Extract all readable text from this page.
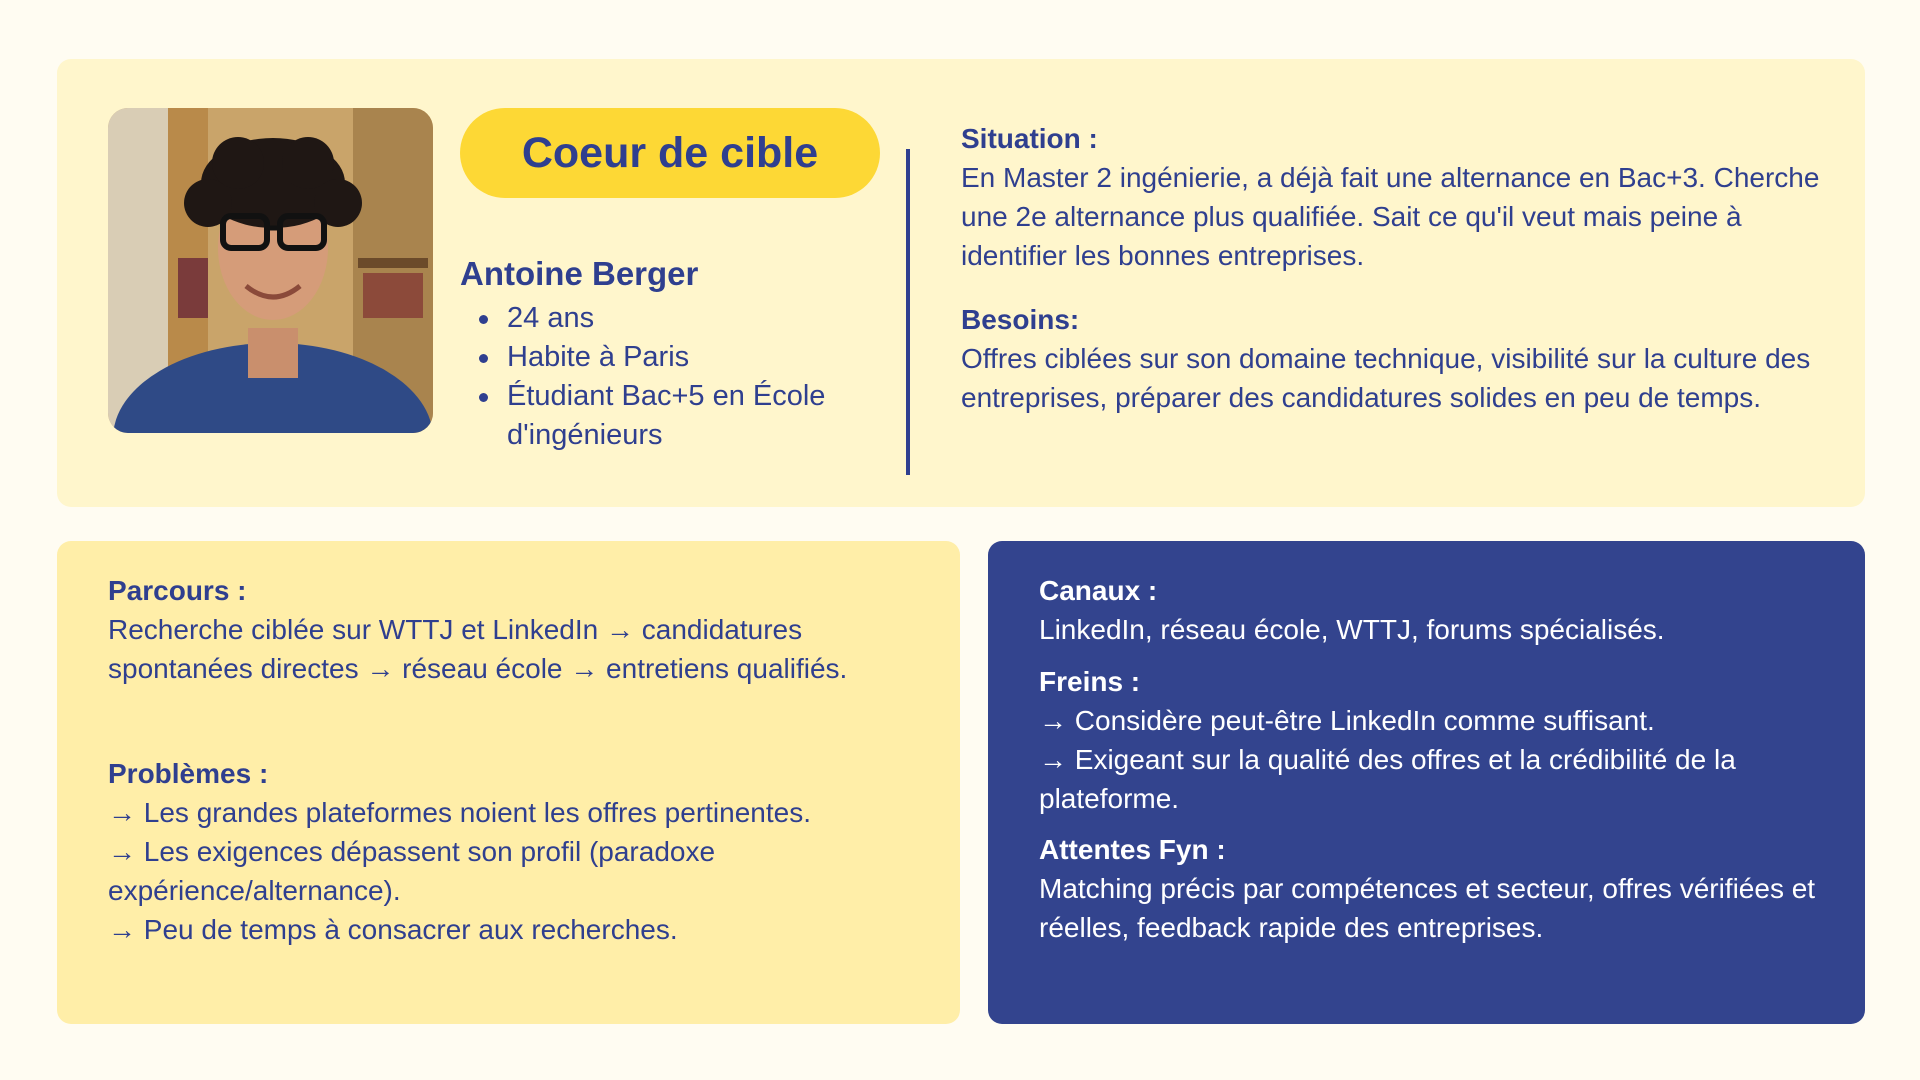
Coeur de cible
Antoine Berger
24 ans
Habite à Paris
Étudiant Bac+5 en École d'ingénieurs
Situation :

En Master 2 ingénierie, a déjà fait une alternance en Bac+3. Cherche une 2e alternance plus qualifiée. Sait ce qu'il veut mais peine à identifier les bonnes entreprises.

Besoins:

Offres ciblées sur son domaine technique, visibilité sur la culture des entreprises, préparer des candidatures solides en peu de temps.

Parcours :

Recherche ciblée sur WTTJ et LinkedIn → candidatures spontanées directes → réseau école → entretiens qualifiés.

Problèmes :

→ Les grandes plateformes noient les offres pertinentes.

→ Les exigences dépassent son profil (paradoxe expérience/alternance).

→ Peu de temps à consacrer aux recherches.

Canaux :

LinkedIn, réseau école, WTTJ, forums spécialisés.

Freins :

→ Considère peut-être LinkedIn comme suffisant.

→ Exigeant sur la qualité des offres et la crédibilité de la plateforme.

Attentes Fyn :

Matching précis par compétences et secteur, offres vérifiées et réelles, feedback rapide des entreprises.
